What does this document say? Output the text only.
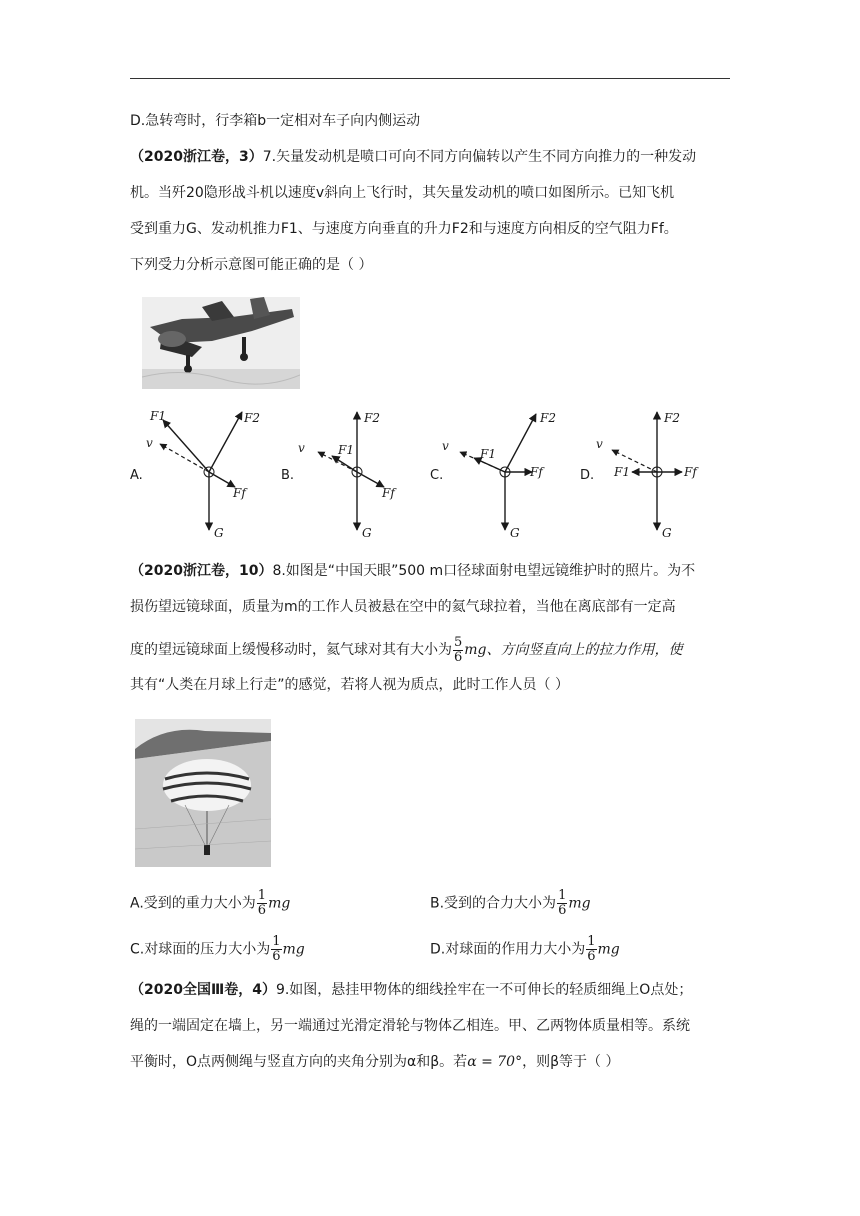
D.急转弯时，行李箱b一定相对车子向内侧运动
（2020浙江卷，3）7.矢量发动机是喷口可向不同方向偏转以产生不同方向推力的一种发动
机。当歼20隐形战斗机以速度v斜向上飞行时，其矢量发动机的喷口如图所示。已知飞机
受到重力G、发动机推力F1、与速度方向垂直的升力F2和与速度方向相反的空气阻力Ff。
下列受力分析示意图可能正确的是（ ）
A.	B.	C.	D.
F1	F2
v
Ff
G
F1
F2
v
Ff
G
F1
F2
v
Ff
G
F1
F2
v
Ff
G
（2020浙江卷，10）8.如图是“中国天眼”500 m口径球面射电望远镜维护时的照片。为不
损伤望远镜球面，质量为m的工作人员被悬在空中的氦气球拉着，当他在离底部有一定高
度的望远镜球面上缓慢移动时，氦气球对其有大小为 $\frac{5}{6}$ mg、方向竖直向上的拉力作用，使
其有“人类在月球上行走”的感觉，若将人视为质点，此时工作人员（ ）
A.受到的重力大小为 $\frac{1}{6}$ mg	B.受到的合力大小为 $\frac{1}{6}$ mg
C.对球面的压力大小为 $\frac{1}{6}$ mg	D.对球面的作用力大小为 $\frac{1}{6}$ mg
（2020全国Ⅲ卷，4）9.如图，悬挂甲物体的细线拴牢在一不可伸长的轻质细绳上O点处；
绳的一端固定在墙上，另一端通过光滑定滑轮与物体乙相连。甲、乙两物体质量相等。系统
平衡时，O点两侧绳与竖直方向的夹角分别为α和β。若α = 70°，则β等于（ ）
